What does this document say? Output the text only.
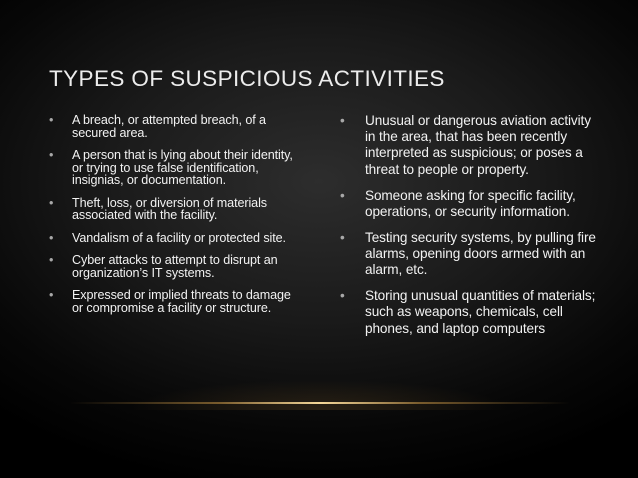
TYPES OF SUSPICIOUS ACTIVITIES
• A breach, or attempted breach, of a secured area.
• A person that is lying about their identity, or trying to use false identification, insignias, or documentation.
• Theft, loss, or diversion of materials associated with the facility.
• Vandalism of a facility or protected site.
• Cyber attacks to attempt to disrupt an organization’s IT systems.
• Expressed or implied threats to damage or compromise a facility or structure.
• Unusual or dangerous aviation activity in the area, that has been recently interpreted as suspicious; or poses a threat to people or property.
• Someone asking for specific facility, operations, or security information.
• Testing security systems, by pulling fire alarms, opening doors armed with an alarm, etc.
• Storing unusual quantities of materials; such as weapons, chemicals, cell phones, and laptop computers
